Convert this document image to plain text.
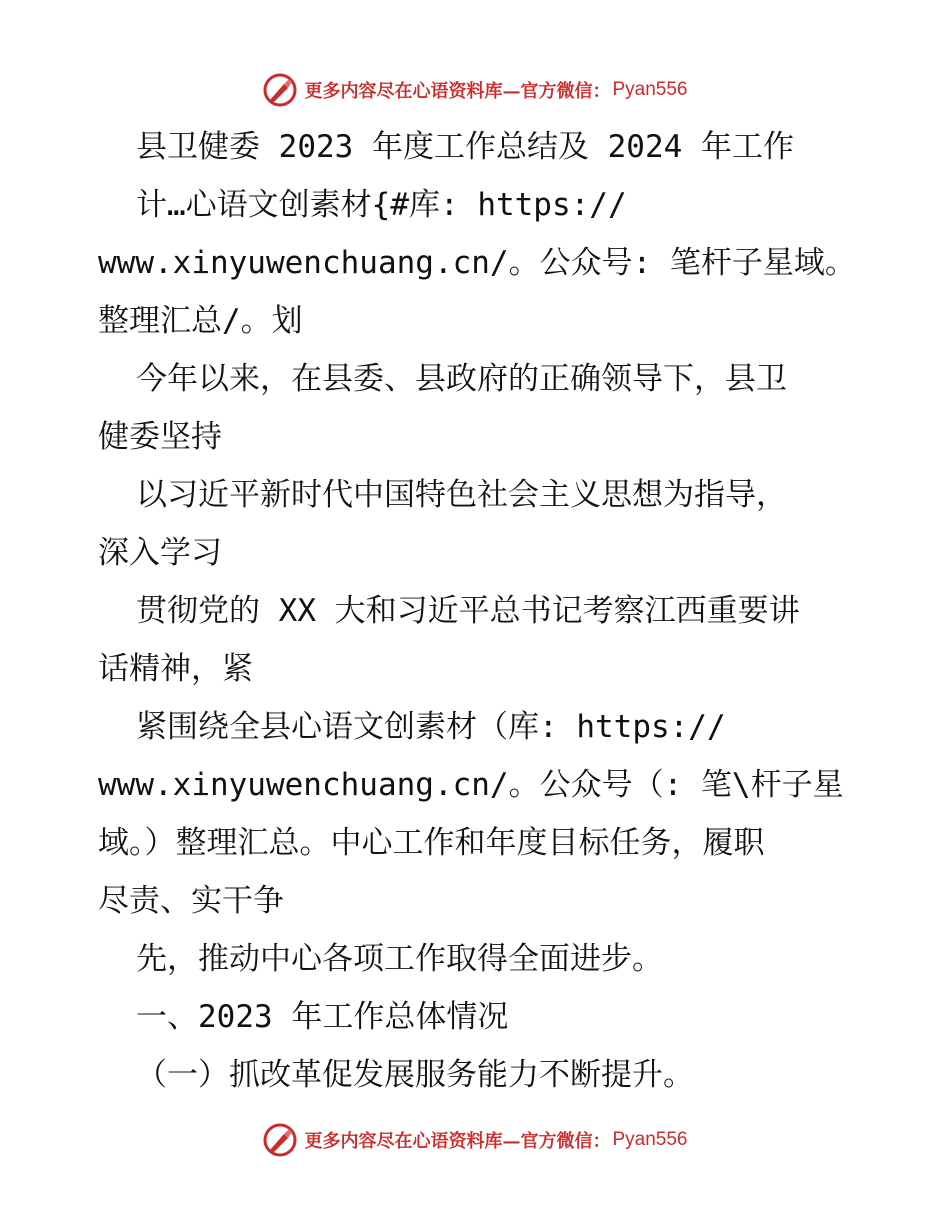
更多内容尽在心语资料库—官方微信： Pyan556
县卫健委 2023 年度工作总结及 2024 年工作
计…心语文创素材{#库: https://
www.xinyuwenchuang.cn/。公众号: 笔杆子星域。
整理汇总/。划
今年以来，在县委、县政府的正确领导下，县卫
健委坚持
以习近平新时代中国特色社会主义思想为指导，
深入学习
贯彻党的 XX 大和习近平总书记考察江西重要讲
话精神，紧
紧围绕全县心语文创素材（库: https://
www.xinyuwenchuang.cn/。公众号（: 笔\杆子星
域。）整理汇总。中心工作和年度目标任务，履职
尽责、实干争
先，推动中心各项工作取得全面进步。
一、2023 年工作总体情况
（一）抓改革促发展服务能力不断提升。
更多内容尽在心语资料库—官方微信： Pyan556
